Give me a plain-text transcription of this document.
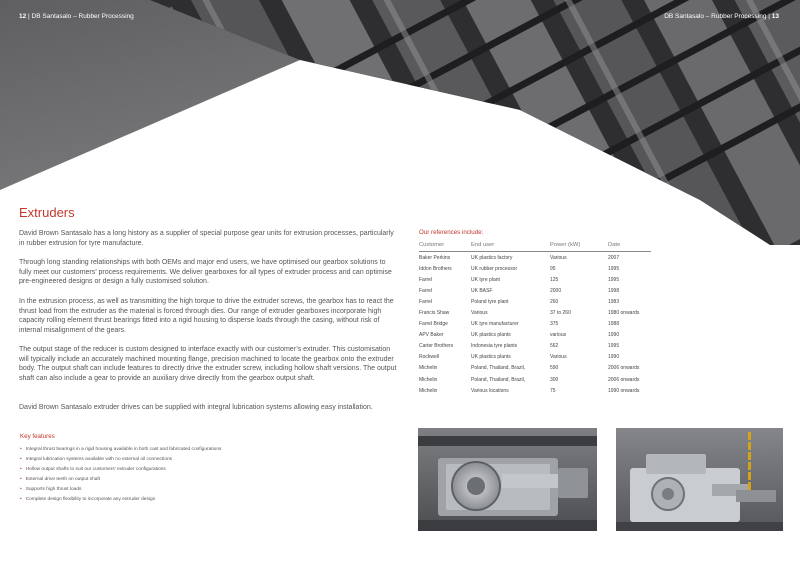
12 | DB Santasalo – Rubber Processing	DB Santasalo – Rubber Processing | 13
Extruders

David Brown Santasalo has a long history as a supplier of special purpose gear units for extrusion processes, particularly in rubber extrusion for tyre manufacture.

Through long standing relationships with both OEMs and major end users, we have optimised our gearbox solutions to fully meet our customers’ process requirements. We deliver gearboxes for all types of extruder process and can optimise pre-engineered designs or design a fully customised solution.

In the extrusion process, as well as transmitting the high torque to drive the extruder screws, the gearbox has to react the thrust load from the extruder as the material is forced through dies. Our range of extruder gearboxes incorporate high capacity rolling element thrust bearings fitted into a rigid housing to disperse loads through the casing, without risk of internal misalignment of the gears.

The output stage of the reducer is custom designed to interface exactly with our customer’s extruder. This customisation will typically include an accurately machined mounting flange, precision machined to locate the gearbox onto the extruder body. The output shaft can include features to directly drive the extruder screw, including hollow shaft versions. The output shaft can also include a gear to provide an auxiliary drive directly from the gearbox output shaft.

David Brown Santasalo extruder drives can be supplied with integral lubrication systems allowing easy installation.

Key features
• Integral thrust bearings in a rigid housing available in both cast and fabricated configurations
• Integral lubrication systems available with no external oil connections
• Hollow output shafts to suit our customers’ extruder configurations
• External drive teeth on output shaft
• Supports high thrust loads
• Complete design flexibility to incorporate any extruder design
Our references include:
Customer	End user	Power (kW)	Date
Baker Perkins	UK plastics factory	Various	2007
Iddon Brothers	UK rubber processor	95	1995
Farrel	UK tyre plant	125	1995
Farrel	UK BASF	2000	1998
Farrel	Poland tyre plant	260	1983
Francis Shaw	Various	37 to 260	1980 onwards
Farrel Bridge	UK tyre manufacturer	375	1988
APV Baker	UK plastics plants	various	1990
Carter Brothers	Indonesia tyre plants	562	1995
Rockwell	UK plastics plants	Various	1990
Michelin	Poland, Thailand, Brazil,	590	2006 onwards
Michelin	Poland, Thailand, Brazil,	300	2006 onwards
Michelin	Various locations	75	1990 onwards
